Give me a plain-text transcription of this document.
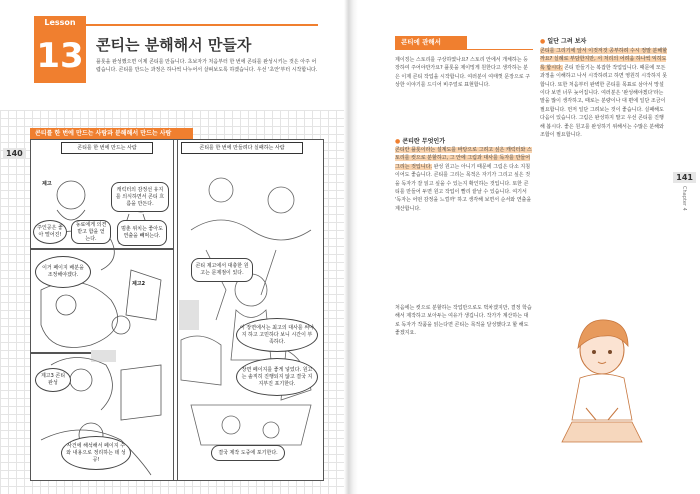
Lesson
13 콘티는 분해해서 만들자
플롯을 완성했으면 이제 콘티를 만듭니다. 초보자가 처음부터 한 번에 콘티를 완성시키는 것은 아주 어렵습니다. 콘티를 만드는 과정은 하나씩 나누어서 살펴보도록 하겠습니다. 우선 '초안'부터 시작합니다.
140
콘티를 한 번에 만드는 사람과 분해해서 만드는 사람
콘티를 한 번에 만드는 사람	콘티를 한 번에 만들려다 실패하는 사람
제고
캐릭터의 감정선 유지를 의식하면서 콘티 흐름을 만든다.
주인공은 좋아 떨어진!
동료에게 의견 받고 함을 얻는다.
멈춘 위치는 좋아도 연출을 빼먹는다.
이거 페이지 배분을 조정해야겠다.
제고2
콘티 제고에서 대충한 원고는 문제점이 있다.
이 장면에서는 최고의 대사를 써야지 하고 고민하다 보니 시간이 부족하다.
제고3 콘티 완성
사건에 해석해서 페이지 수와 내용으로 정리하는 데 성공!
장면 페이지를 좋게 넣었다. 원고는 솔직히 진행되지 않고 결국 지지부진 포기한다.
결국 제작 도중에 포기한다.
141
Chapter 4
콘티에 관해서
제이징는 스토리를 구상하였나요? 스토리 안에서 개체하는 등장하여 주어야만가요? 플롯을 제이밍게 원한다고 생각하는 분은 이제 콘티 작업을 시작합니다. 여러분이 여태껏 문장으로 구상한 이야기를 드디어 비주얼로 표현합니다.
● 콘티란 무엇인가
콘티란 플롯이라는 설계도를 바탕으로 그려고 싶은 캐릭터와 스토리를 컷으로 분할하고, 그 안에 그림과 대사를 독자를 만들어 그리는 것입니다. 완성 원고는 아니기 때문에 그림은 다소 지침이어도 좋습니다. 콘티를 그리는 목적은 자기가 그리고 싶은 것을 독자가 잘 읽고 싶을 수 있는지 확인하는 것입니다. 또한 콘티를 만들어 두면 원고 작업이 빨리 끝날 수 있습니다. 여기서 '독자는 어떤 감정을 느낄까' 하고 생각해 보면서 순서와 연출을 계산합니다.
처음에는 컷으로 분할하는 작업만으로도 벅차겠지만, 결정 학습해서 제작하고 보아두는 여유가 생깁니다. 작가가 계산하는 대로 독자가 작품을 읽는다면 콘티는 목적을 달성했다고 할 해도 좋겠지요.
● 일단 그려 보자
콘티를 그리기에 앞서 이것저것 공부하려 수시 정말 분해할까요? 실례로 부담한지만, 서 처리의 어려움 하나씩 익히도록 합시다. 콘티 만들기는 복잡한 작업입니다. 때문에 모든 과정을 이해하고 나서 시작하려고 하면 영원히 시작하지 못합니다. 또한 처음부터 완벽한 콘티를 목표로 삼아서 망설이다 보면 너무 늦어집니다. 여러분은 '완성해야겠다'라는 말을 많이 생각하고, 때로는 분량이나 대 편에 일단 조금이 필요합니다. 먼저 일단 그려보는 것이 좋습니다. 실패해도 다음이 있습니다. 그림은 완성하지 말고 우선 콘티를 진행해 봅시다. 좋은 원고를 완성하기 위해서는 수많은 분해와 조합이 필요합니다.
